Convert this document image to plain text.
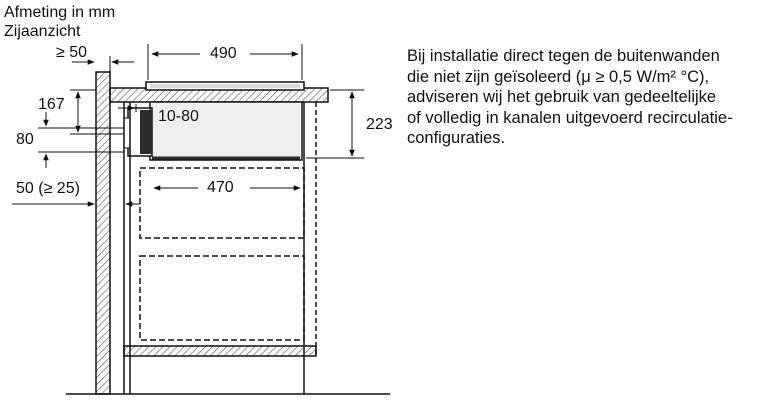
Afmeting in mm
Zijaanzicht
≥ 50	490
167
80
10-80	223
470
50 (≥ 25)
Bij installatie direct tegen de buitenwanden
die niet zijn geïsoleerd (μ ≥ 0,5 W/m² °C),
adviseren wij het gebruik van gedeeltelijke
of volledig in kanalen uitgevoerd recirculatie-
configuraties.
